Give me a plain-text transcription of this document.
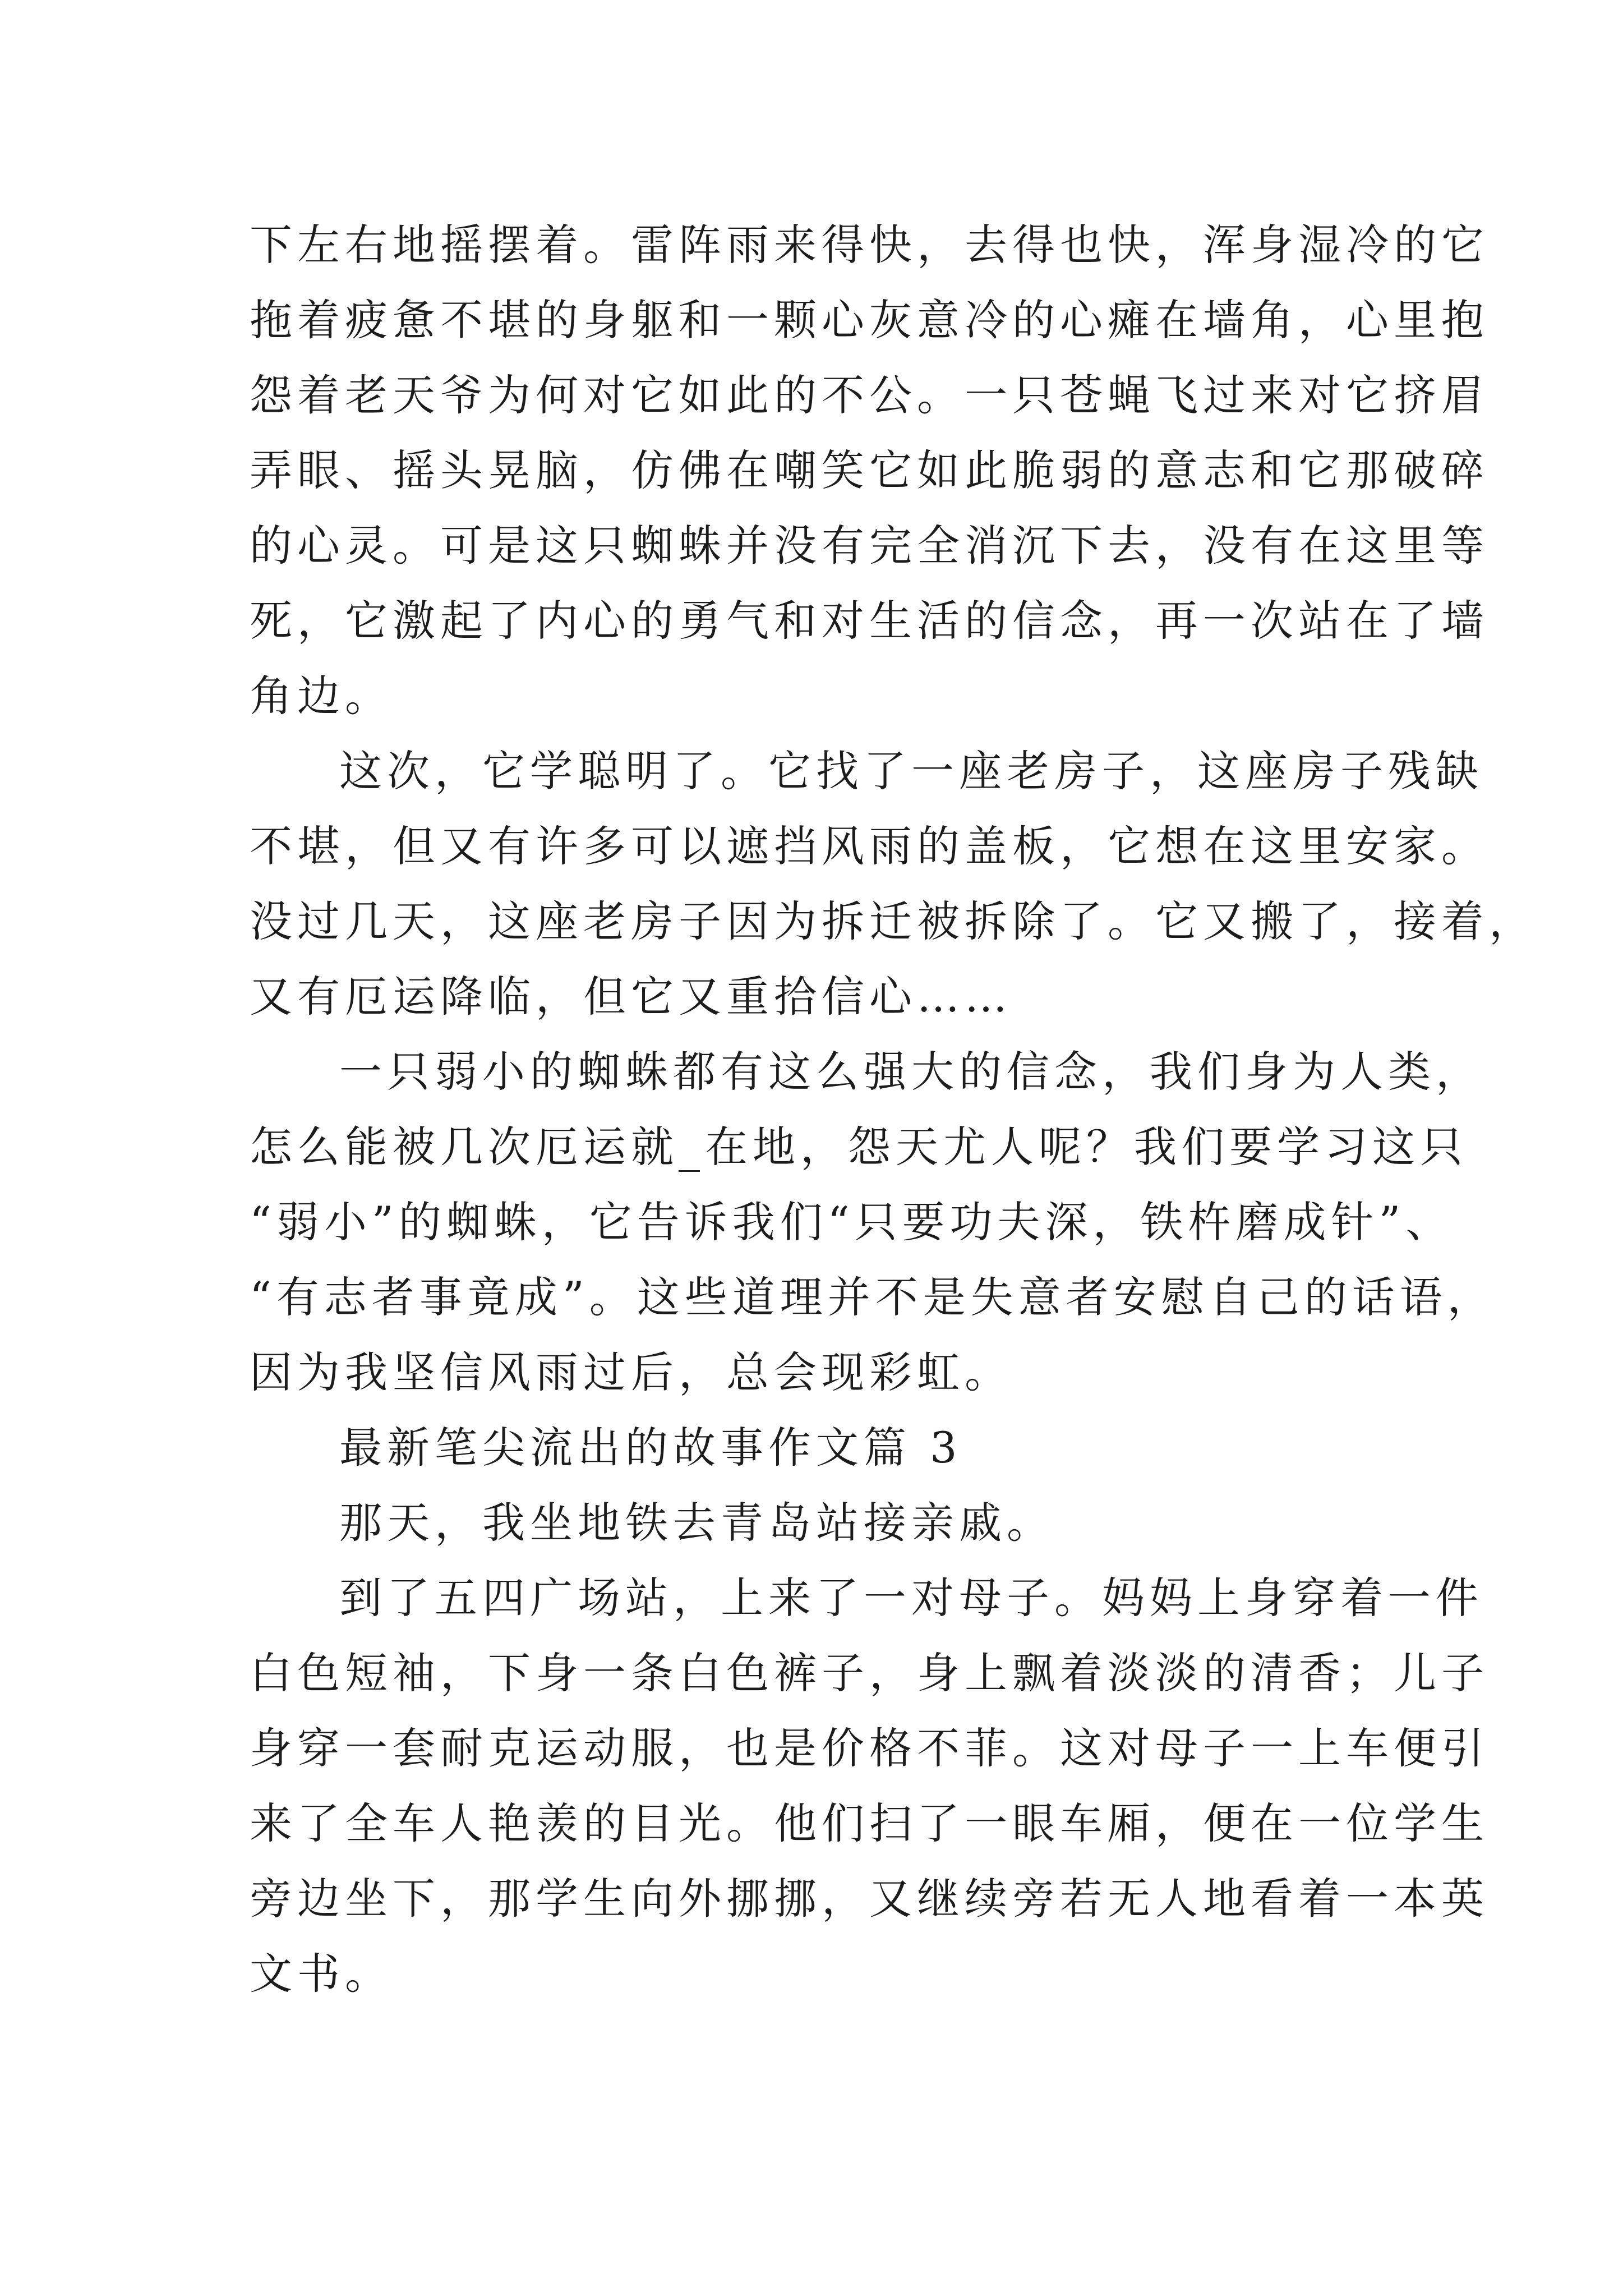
下左右地摇摆着。雷阵雨来得快，去得也快，浑身湿冷的它
拖着疲惫不堪的身躯和一颗心灰意冷的心瘫在墙角，心里抱
怨着老天爷为何对它如此的不公。一只苍蝇飞过来对它挤眉
弄眼、摇头晃脑，仿佛在嘲笑它如此脆弱的意志和它那破碎
的心灵。可是这只蜘蛛并没有完全消沉下去，没有在这里等
死，它激起了内心的勇气和对生活的信念，再一次站在了墙
角边。

这次，它学聪明了。它找了一座老房子，这座房子残缺
不堪，但又有许多可以遮挡风雨的盖板，它想在这里安家。
没过几天，这座老房子因为拆迁被拆除了。它又搬了，接着，
又有厄运降临，但它又重拾信心……

一只弱小的蜘蛛都有这么强大的信念，我们身为人类，
怎么能被几次厄运就_在地，怨天尤人呢？我们要学习这只
“弱小”的蜘蛛，它告诉我们“只要功夫深，铁杵磨成针”、
“有志者事竟成”。这些道理并不是失意者安慰自己的话语，
因为我坚信风雨过后，总会现彩虹。

最新笔尖流出的故事作文篇 3

那天，我坐地铁去青岛站接亲戚。

到了五四广场站，上来了一对母子。妈妈上身穿着一件
白色短袖，下身一条白色裤子，身上飘着淡淡的清香；儿子
身穿一套耐克运动服，也是价格不菲。这对母子一上车便引
来了全车人艳羡的目光。他们扫了一眼车厢，便在一位学生
旁边坐下，那学生向外挪挪，又继续旁若无人地看着一本英
文书。
